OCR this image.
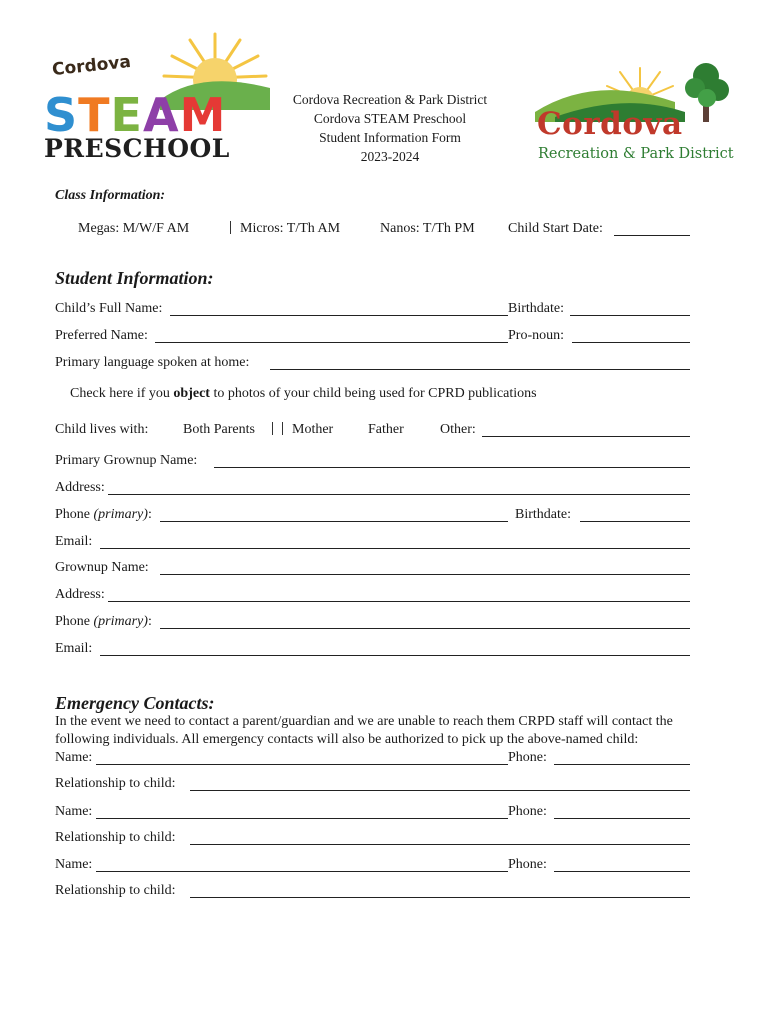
Cordova
STEAM
PRESCHOOL
Cordova Recreation & Park District
Cordova STEAM Preschool
Student Information Form
2023-2024
Cordova
Recreation & Park District
Class Information:
Megas: M/W/F AM	Micros: T/Th AM	Nanos: T/Th PM Child Start Date:
Student Information:
Child’s Full Name:	Birthdate:
Preferred Name:	Pro-noun:
Primary language spoken at home:
Check here if you object to photos of your child being used for CPRD publications
Child lives with: Both Parents	Mother Father	Other:
Primary Grownup Name:
Address:
Phone (primary):	Birthdate:
Email:
Grownup Name:
Address:
Phone (primary):
Email:
Emergency Contacts:
In the event we need to contact a parent/guardian and we are unable to reach them CRPD staff will contact the
following individuals. All emergency contacts will also be authorized to pick up the above-named child:
Name:	Phone:
Relationship to child:
Name:	Phone:
Relationship to child:
Name:	Phone:
Relationship to child:
